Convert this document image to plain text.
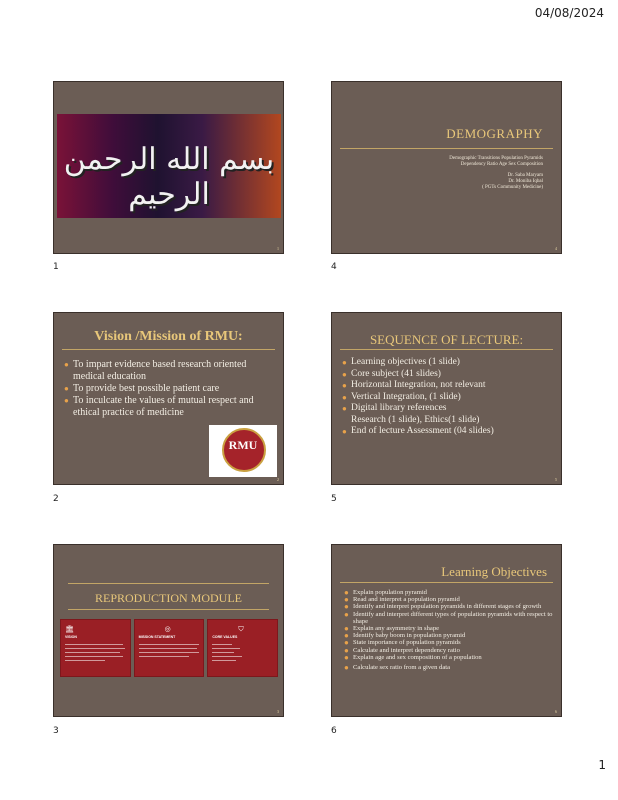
04/08/2024
بسم الله الرحمن الرحيم
1
1
DEMOGRAPHY
Demographic Transitions Population Pyramids
Dependency Ratio Age Sex Composition
Dr. Saba Maryam
Dr. Moniba Iqbal
( PGTs Community Medicine)
4
4
Vision /Mission of RMU:
● To impart evidence based research oriented medical education
● To provide best possible patient care
● To inculcate the values of mutual respect and ethical practice of medicine
RMU
2
2
SEQUENCE OF LECTURE:
● Learning objectives (1 slide)
● Core subject (41 slides)
● Horizontal Integration, not relevant
● Vertical Integration, (1 slide)
● Digital library references
Research (1 slide), Ethics(1 slide)
● End of lecture Assessment (04 slides)
5
5
REPRODUCTION MODULE
🏛
VISION
◎
MISSION STATEMENT
⛉
CORE VALUES
3
3
Learning Objectives
● Explain population pyramid
● Read and interpret a population pyramid
● Identify and interpret population pyramids in different stages of growth
● Identify and interpret different types of population pyramids with respect to shape
● Explain any asymmetry in shape
● Identify baby boom in population pyramid
● State importance of population pyramids
● Calculate and interpret dependency ratio
● Explain age and sex composition of a population
● Calculate sex ratio from a given data
6
6
1
